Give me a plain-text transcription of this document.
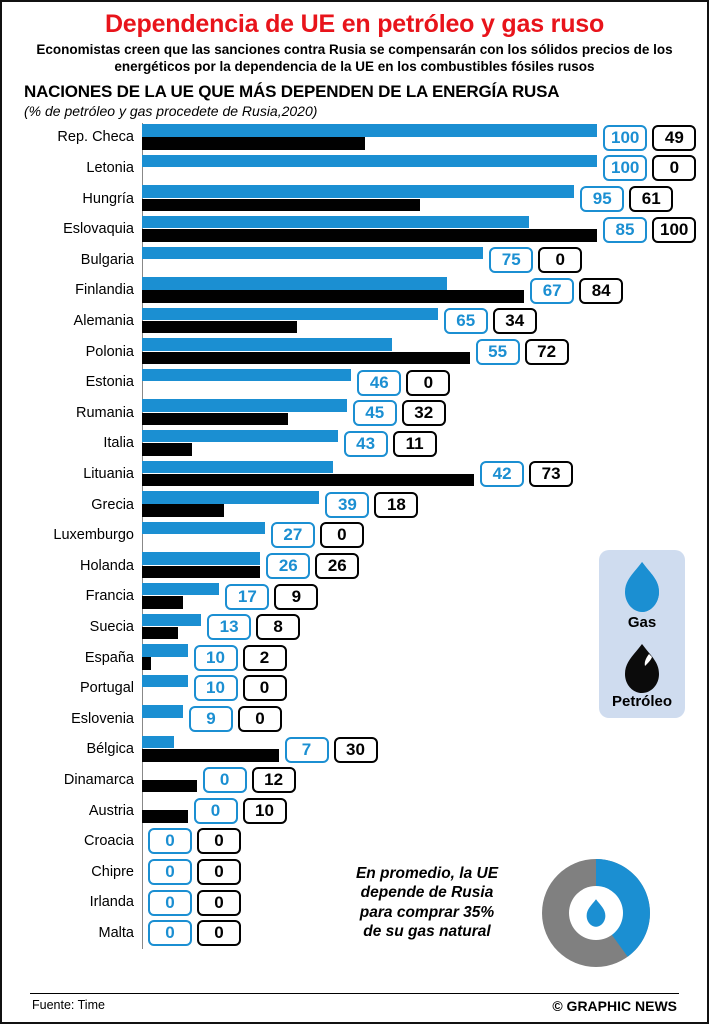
Dependencia de UE en petróleo y gas ruso
Economistas creen que las sanciones contra Rusia se compensarán con los sólidos precios de los energéticos por la dependencia de la UE en los combustibles fósiles rusos
NACIONES DE LA UE QUE MÁS DEPENDEN DE LA ENERGÍA RUSA
(% de petróleo y gas procedete de Rusia,2020)
Rep. Checa	100	49
Letonia	100	0
Hungría	95	61
Eslovaquia	85	100
Bulgaria	75	0
Finlandia	67	84
Alemania	65	34
Polonia	55	72
Estonia	46	0
Rumania	45	32
Italia	43	11
Lituania	42	73
Grecia	39	18
Luxemburgo	27	0
Holanda	26	26
Francia	17	9
Suecia	13	8
España	10	2
Portugal	10	0
Eslovenia	9	0
Bélgica	7	30
Dinamarca	0	12
Austria	0	10
Croacia	0	0
Chipre	0	0
Irlanda	0	0
Malta	0	0
Gas
Petróleo
En promedio, la UE
depende de Rusia
para comprar 35%
de su gas natural
Fuente: Time	© GRAPHIC NEWS
